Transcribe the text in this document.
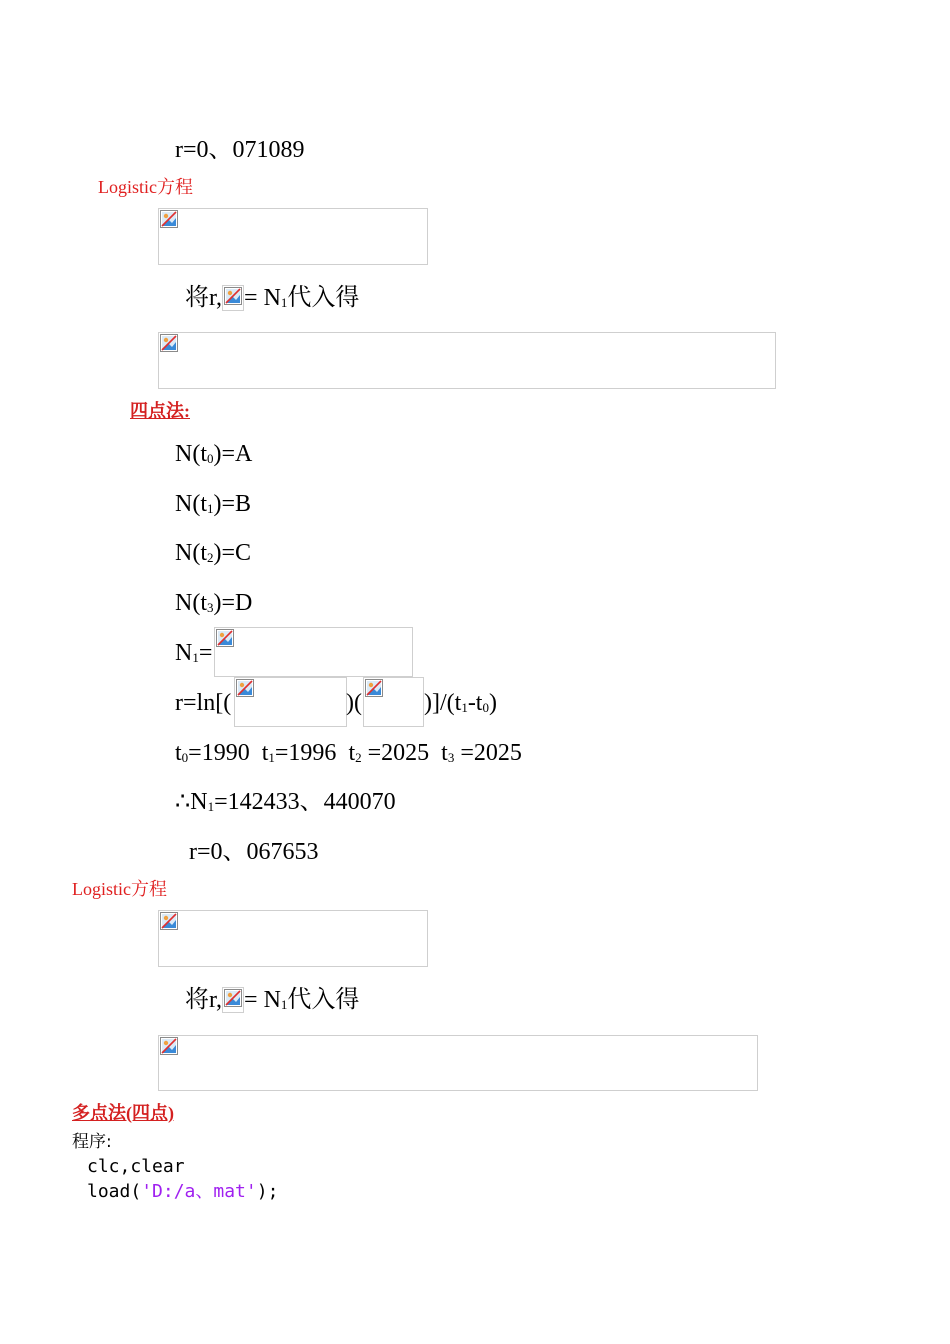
r=0、071089
Logistic方程
将r, = $N_1$代入得
四点法:
$N(t_0)=A$
$N(t_1)=B$
$N(t_2)=C$
$N(t_3)=D$
$N_1=$
r=ln[(	)(	)]$/(t_1-t_0)$
$t_0=1990$ $t_1=1996$ $t_2 =2025$ $t_3 =2025$
$\therefore N_1=142433$、440070
r=0、067653
Logistic方程
将r, = $N_1$代入得
多点法(四点)
程序:
clc,clear
load('D:/a、mat');
